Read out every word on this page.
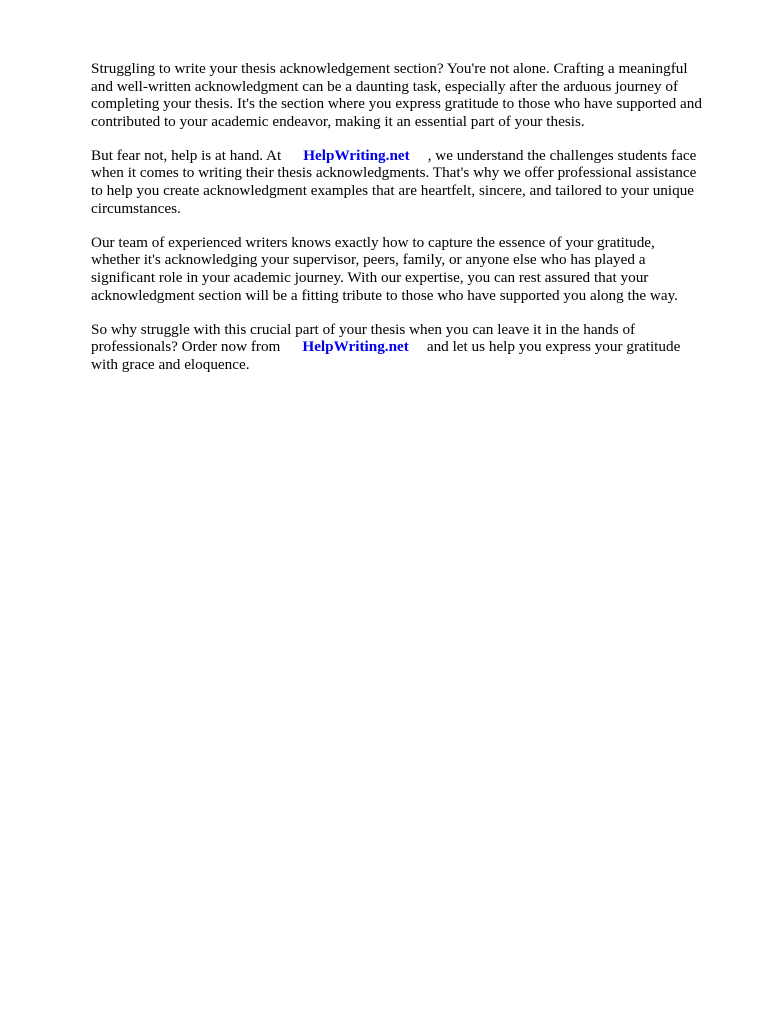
Struggling to write your thesis acknowledgement section? You're not alone. Crafting a meaningful
and well-written acknowledgment can be a daunting task, especially after the arduous journey of
completing your thesis. It's the section where you express gratitude to those who have supported and
contributed to your academic endeavor, making it an essential part of your thesis.
But fear not, help is at hand. At HelpWriting.net , we understand the challenges students face
when it comes to writing their thesis acknowledgments. That's why we offer professional assistance
to help you create acknowledgment examples that are heartfelt, sincere, and tailored to your unique
circumstances.
Our team of experienced writers knows exactly how to capture the essence of your gratitude,
whether it's acknowledging your supervisor, peers, family, or anyone else who has played a
significant role in your academic journey. With our expertise, you can rest assured that your
acknowledgment section will be a fitting tribute to those who have supported you along the way.
So why struggle with this crucial part of your thesis when you can leave it in the hands of
professionals? Order now from HelpWriting.net and let us help you express your gratitude
with grace and eloquence.
